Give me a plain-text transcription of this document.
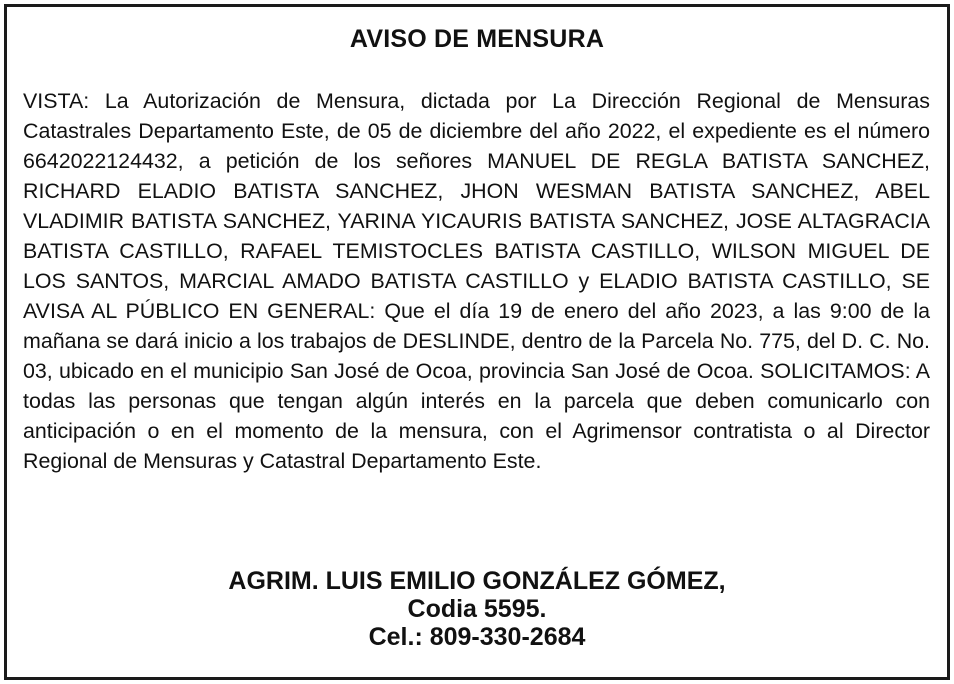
AVISO DE MENSURA

VISTA: La Autorización de Mensura, dictada por La Dirección Regional de Mensuras Catastrales Departamento Este, de 05 de diciembre del año 2022, el expediente es el número 6642022124432, a petición de los señores MANUEL DE REGLA BATISTA SANCHEZ, RICHARD ELADIO BATISTA SANCHEZ, JHON WESMAN BATISTA SANCHEZ, ABEL VLADIMIR BATISTA SANCHEZ, YARINA YICAURIS BATISTA SANCHEZ, JOSE ALTAGRACIA BATISTA CASTILLO, RAFAEL TEMISTOCLES BATISTA CASTILLO, WILSON MIGUEL DE LOS SANTOS, MARCIAL AMADO BATISTA CASTILLO y ELADIO BATISTA CASTILLO, SE AVISA AL PÚBLICO EN GENERAL: Que el día 19 de enero del año 2023, a las 9:00 de la mañana se dará inicio a los trabajos de DESLINDE, dentro de la Parcela No. 775, del D. C. No. 03, ubicado en el municipio San José de Ocoa, provincia San José de Ocoa. SOLICITAMOS: A todas las personas que tengan algún interés en la parcela que deben comunicarlo con anticipación o en el momento de la mensura, con el Agrimensor contratista o al Director Regional de Mensuras y Catastral Departamento Este.

AGRIM. LUIS EMILIO GONZÁLEZ GÓMEZ,
Codia 5595.
Cel.: 809-330-2684
